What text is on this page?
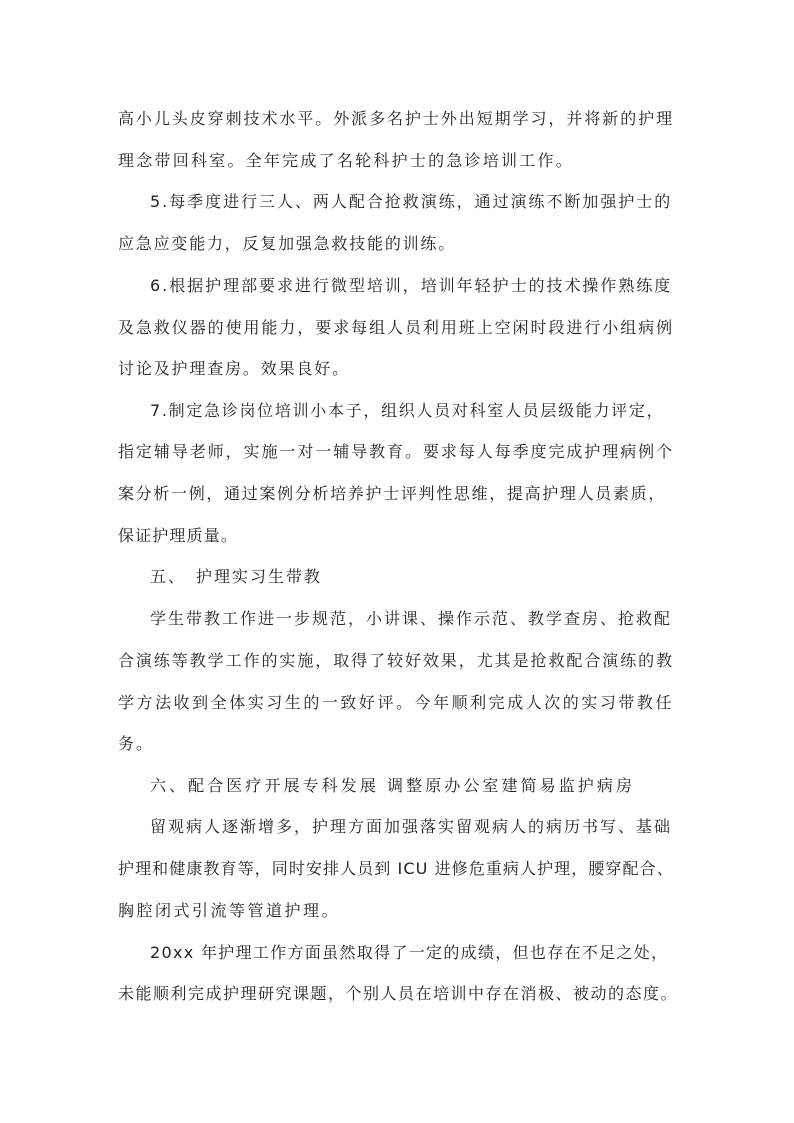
高小儿头皮穿刺技术水平。外派多名护士外出短期学习，并将新的护理
理念带回科室。全年完成了名轮科护士的急诊培训工作。
5.每季度进行三人、两人配合抢救演练，通过演练不断加强护士的
应急应变能力，反复加强急救技能的训练。
6.根据护理部要求进行微型培训，培训年轻护士的技术操作熟练度
及急救仪器的使用能力，要求每组人员利用班上空闲时段进行小组病例
讨论及护理查房。效果良好。
7.制定急诊岗位培训小本子，组织人员对科室人员层级能力评定，
指定辅导老师，实施一对一辅导教育。要求每人每季度完成护理病例个
案分析一例，通过案例分析培养护士评判性思维，提高护理人员素质，
保证护理质量。
五、　护理实习生带教
学生带教工作进一步规范，小讲课、操作示范、教学查房、抢救配
合演练等教学工作的实施，取得了较好效果，尤其是抢救配合演练的教
学方法收到全体实习生的一致好评。今年顺利完成人次的实习带教任
务。
六、配合医疗开展专科发展 调整原办公室建简易监护病房
留观病人逐渐增多，护理方面加强落实留观病人的病历书写、基础
护理和健康教育等，同时安排人员到 ICU 进修危重病人护理，腰穿配合、
胸腔闭式引流等管道护理。
20xx 年护理工作方面虽然取得了一定的成绩，但也存在不足之处，
未能顺利完成护理研究课题，个别人员在培训中存在消极、被动的态度。
